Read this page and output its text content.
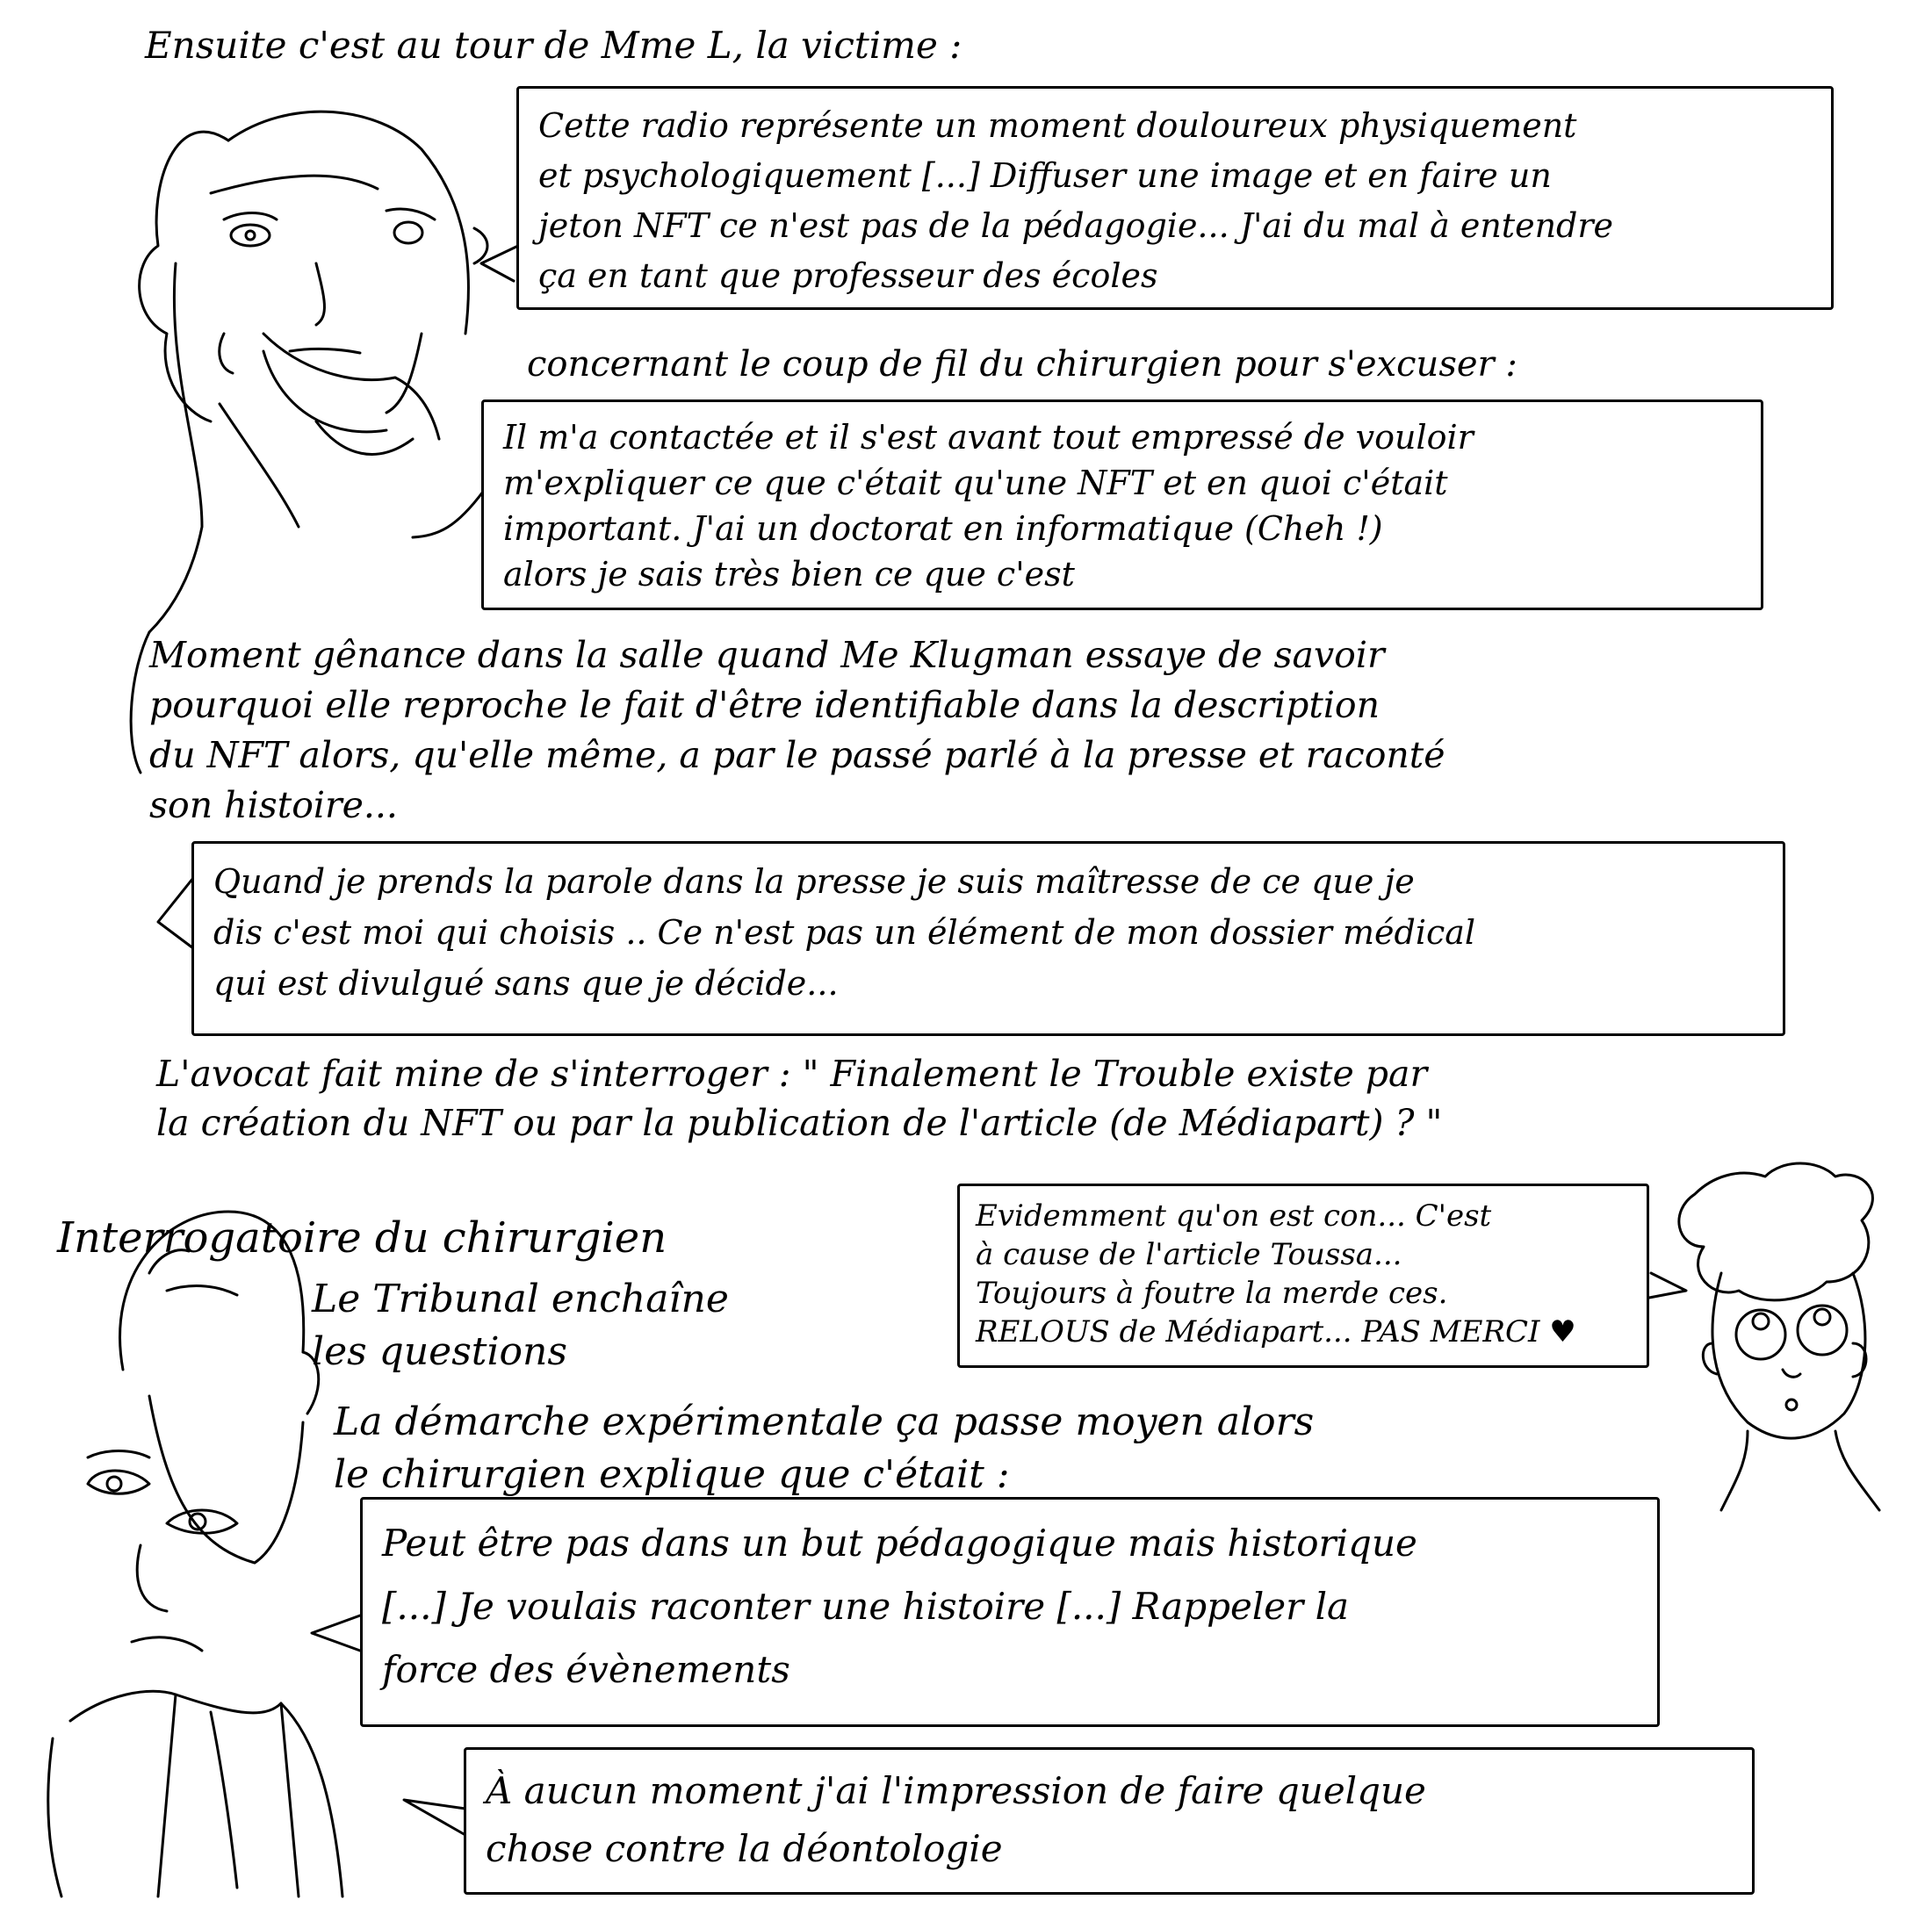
Ensuite c'est au tour de Mme L, la victime :
Cette radio représente un moment douloureux physiquement
et psychologiquement [...] Diffuser une image et en faire un
jeton NFT ce n'est pas de la pédagogie... J'ai du mal à entendre
ça en tant que professeur des écoles
concernant le coup de fil du chirurgien pour s'excuser :
Il m'a contactée et il s'est avant tout empressé de vouloir
m'expliquer ce que c'était qu'une NFT et en quoi c'était
important. J'ai un doctorat en informatique (Cheh !)
alors je sais très bien ce que c'est
Moment gênance dans la salle quand Me Klugman essaye de savoir
pourquoi elle reproche le fait d'être identifiable dans la description
du NFT alors, qu'elle même, a par le passé parlé à la presse et raconté
son histoire...
Quand je prends la parole dans la presse je suis maîtresse de ce que je
dis c'est moi qui choisis .. Ce n'est pas un élément de mon dossier médical
qui est divulgué sans que je décide...
L'avocat fait mine de s'interroger : " Finalement le Trouble existe par
la création du NFT ou par la publication de l'article (de Médiapart) ? "
Interrogatoire du chirurgien
Le Tribunal enchaîne
les questions
Evidemment qu'on est con... C'est
à cause de l'article Toussa...
Toujours à foutre la merde ces.
RELOUS de Médiapart... PAS MERCI ♥
La démarche expérimentale ça passe moyen alors
le chirurgien explique que c'était :
Peut être pas dans un but pédagogique mais historique
[...] Je voulais raconter une histoire [...] Rappeler la
force des évènements
À aucun moment j'ai l'impression de faire quelque
chose contre la déontologie
